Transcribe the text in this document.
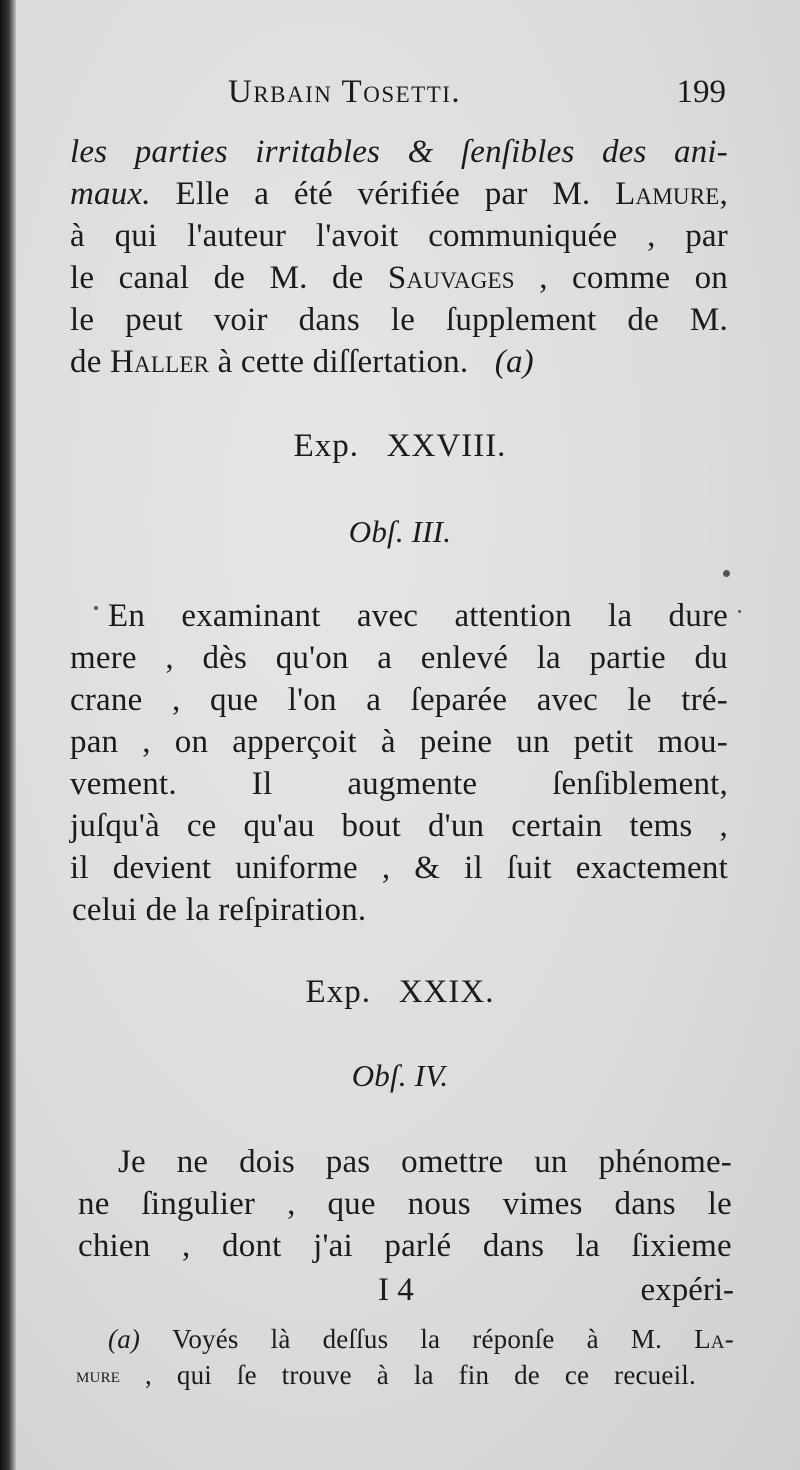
Urbain Tosetti.	199
les parties irritables & ſenſibles des ani-
maux. Elle a été vérifiée par M. Lamure,
à qui l'auteur l'avoit communiquée , par
le canal de M. de Sauvages , comme on
le peut voir dans le ſupplement de M.
de Haller à cette diſſertation. (a)
Exp.   XXVIII.
Obſ. III.
En examinant avec attention la dure
mere , dès qu'on a enlevé la partie du
crane , que l'on a ſeparée avec le tré-
pan , on apperçoit à peine un petit mou-
vement. Il augmente ſenſiblement,
juſqu'à ce qu'au bout d'un certain tems ,
il devient uniforme , & il ſuit exactement
celui de la reſpiration.
Exp.   XXIX.
Obſ. IV.
Je ne dois pas omettre un phénome-
ne ſingulier , que nous vimes dans le
chien , dont j'ai parlé dans la ſixieme
I 4	expéri-
(a) Voyés là deſſus la réponſe à M. La-
mure , qui ſe trouve à la fin de ce recueil.
